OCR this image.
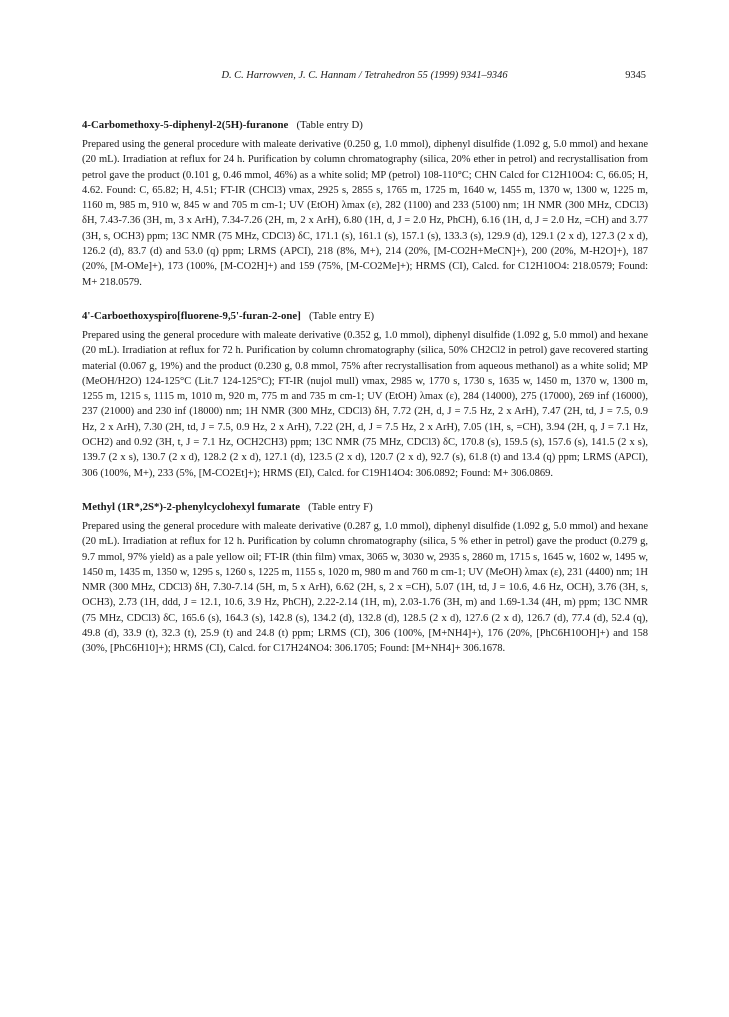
D. C. Harrowven, J. C. Hannam / Tetrahedron 55 (1999) 9341–9346	9345

4-Carbomethoxy-5-diphenyl-2(5H)-furanone (Table entry D)

Prepared using the general procedure with maleate derivative (0.250 g, 1.0 mmol), diphenyl disulfide (1.092 g, 5.0 mmol) and hexane (20 mL). Irradiation at reflux for 24 h. Purification by column chromatography (silica, 20% ether in petrol) and recrystallisation from petrol gave the product (0.101 g, 0.46 mmol, 46%) as a white solid; MP (petrol) 108-110°C; CHN Calcd for C12H10O4: C, 66.05; H, 4.62. Found: C, 65.82; H, 4.51; FT-IR (CHCl3) νmax, 2925 s, 2855 s, 1765 m, 1725 m, 1640 w, 1455 m, 1370 w, 1300 w, 1225 m, 1160 m, 985 m, 910 w, 845 w and 705 m cm-1; UV (EtOH) λmax (ε), 282 (1100) and 233 (5100) nm; 1H NMR (300 MHz, CDCl3) δH, 7.43-7.36 (3H, m, 3 x ArH), 7.34-7.26 (2H, m, 2 x ArH), 6.80 (1H, d, J = 2.0 Hz, PhCH), 6.16 (1H, d, J = 2.0 Hz, =CH) and 3.77 (3H, s, OCH3) ppm; 13C NMR (75 MHz, CDCl3) δC, 171.1 (s), 161.1 (s), 157.1 (s), 133.3 (s), 129.9 (d), 129.1 (2 x d), 127.3 (2 x d), 126.2 (d), 83.7 (d) and 53.0 (q) ppm; LRMS (APCI), 218 (8%, M+), 214 (20%, [M-CO2H+MeCN]+), 200 (20%, M-H2O]+), 187 (20%, [M-OMe]+), 173 (100%, [M-CO2H]+) and 159 (75%, [M-CO2Me]+); HRMS (CI), Calcd. for C12H10O4: 218.0579; Found: M+ 218.0579.

4'-Carboethoxyspiro[fluorene-9,5'-furan-2-one] (Table entry E)

Prepared using the general procedure with maleate derivative (0.352 g, 1.0 mmol), diphenyl disulfide (1.092 g, 5.0 mmol) and hexane (20 mL). Irradiation at reflux for 72 h. Purification by column chromatography (silica, 50% CH2Cl2 in petrol) gave recovered starting material (0.067 g, 19%) and the product (0.230 g, 0.8 mmol, 75% after recrystallisation from aqueous methanol) as a white solid; MP (MeOH/H2O) 124-125°C (Lit.7 124-125°C); FT-IR (nujol mull) νmax, 2985 w, 1770 s, 1730 s, 1635 w, 1450 m, 1370 w, 1300 m, 1255 m, 1215 s, 1115 m, 1010 m, 920 m, 775 m and 735 m cm-1; UV (EtOH) λmax (ε), 284 (14000), 275 (17000), 269 inf (16000), 237 (21000) and 230 inf (18000) nm; 1H NMR (300 MHz, CDCl3) δH, 7.72 (2H, d, J = 7.5 Hz, 2 x ArH), 7.47 (2H, td, J = 7.5, 0.9 Hz, 2 x ArH), 7.30 (2H, td, J = 7.5, 0.9 Hz, 2 x ArH), 7.22 (2H, d, J = 7.5 Hz, 2 x ArH), 7.05 (1H, s, =CH), 3.94 (2H, q, J = 7.1 Hz, OCH2) and 0.92 (3H, t, J = 7.1 Hz, OCH2CH3) ppm; 13C NMR (75 MHz, CDCl3) δC, 170.8 (s), 159.5 (s), 157.6 (s), 141.5 (2 x s), 139.7 (2 x s), 130.7 (2 x d), 128.2 (2 x d), 127.1 (d), 123.5 (2 x d), 120.7 (2 x d), 92.7 (s), 61.8 (t) and 13.4 (q) ppm; LRMS (APCI), 306 (100%, M+), 233 (5%, [M-CO2Et]+); HRMS (EI), Calcd. for C19H14O4: 306.0892; Found: M+ 306.0869.

Methyl (1R*,2S*)-2-phenylcyclohexyl fumarate (Table entry F)

Prepared using the general procedure with maleate derivative (0.287 g, 1.0 mmol), diphenyl disulfide (1.092 g, 5.0 mmol) and hexane (20 mL). Irradiation at reflux for 12 h. Purification by column chromatography (silica, 5 % ether in petrol) gave the product (0.279 g, 9.7 mmol, 97% yield) as a pale yellow oil; FT-IR (thin film) νmax, 3065 w, 3030 w, 2935 s, 2860 m, 1715 s, 1645 w, 1602 w, 1495 w, 1450 m, 1435 m, 1350 w, 1295 s, 1260 s, 1225 m, 1155 s, 1020 m, 980 m and 760 m cm-1; UV (MeOH) λmax (ε), 231 (4400) nm; 1H NMR (300 MHz, CDCl3) δH, 7.30-7.14 (5H, m, 5 x ArH), 6.62 (2H, s, 2 x =CH), 5.07 (1H, td, J = 10.6, 4.6 Hz, OCH), 3.76 (3H, s, OCH3), 2.73 (1H, ddd, J = 12.1, 10.6, 3.9 Hz, PhCH), 2.22-2.14 (1H, m), 2.03-1.76 (3H, m) and 1.69-1.34 (4H, m) ppm; 13C NMR (75 MHz, CDCl3) δC, 165.6 (s), 164.3 (s), 142.8 (s), 134.2 (d), 132.8 (d), 128.5 (2 x d), 127.6 (2 x d), 126.7 (d), 77.4 (d), 52.4 (q), 49.8 (d), 33.9 (t), 32.3 (t), 25.9 (t) and 24.8 (t) ppm; LRMS (CI), 306 (100%, [M+NH4]+), 176 (20%, [PhC6H10OH]+) and 158 (30%, [PhC6H10]+); HRMS (CI), Calcd. for C17H24NO4: 306.1705; Found: [M+NH4]+ 306.1678.
